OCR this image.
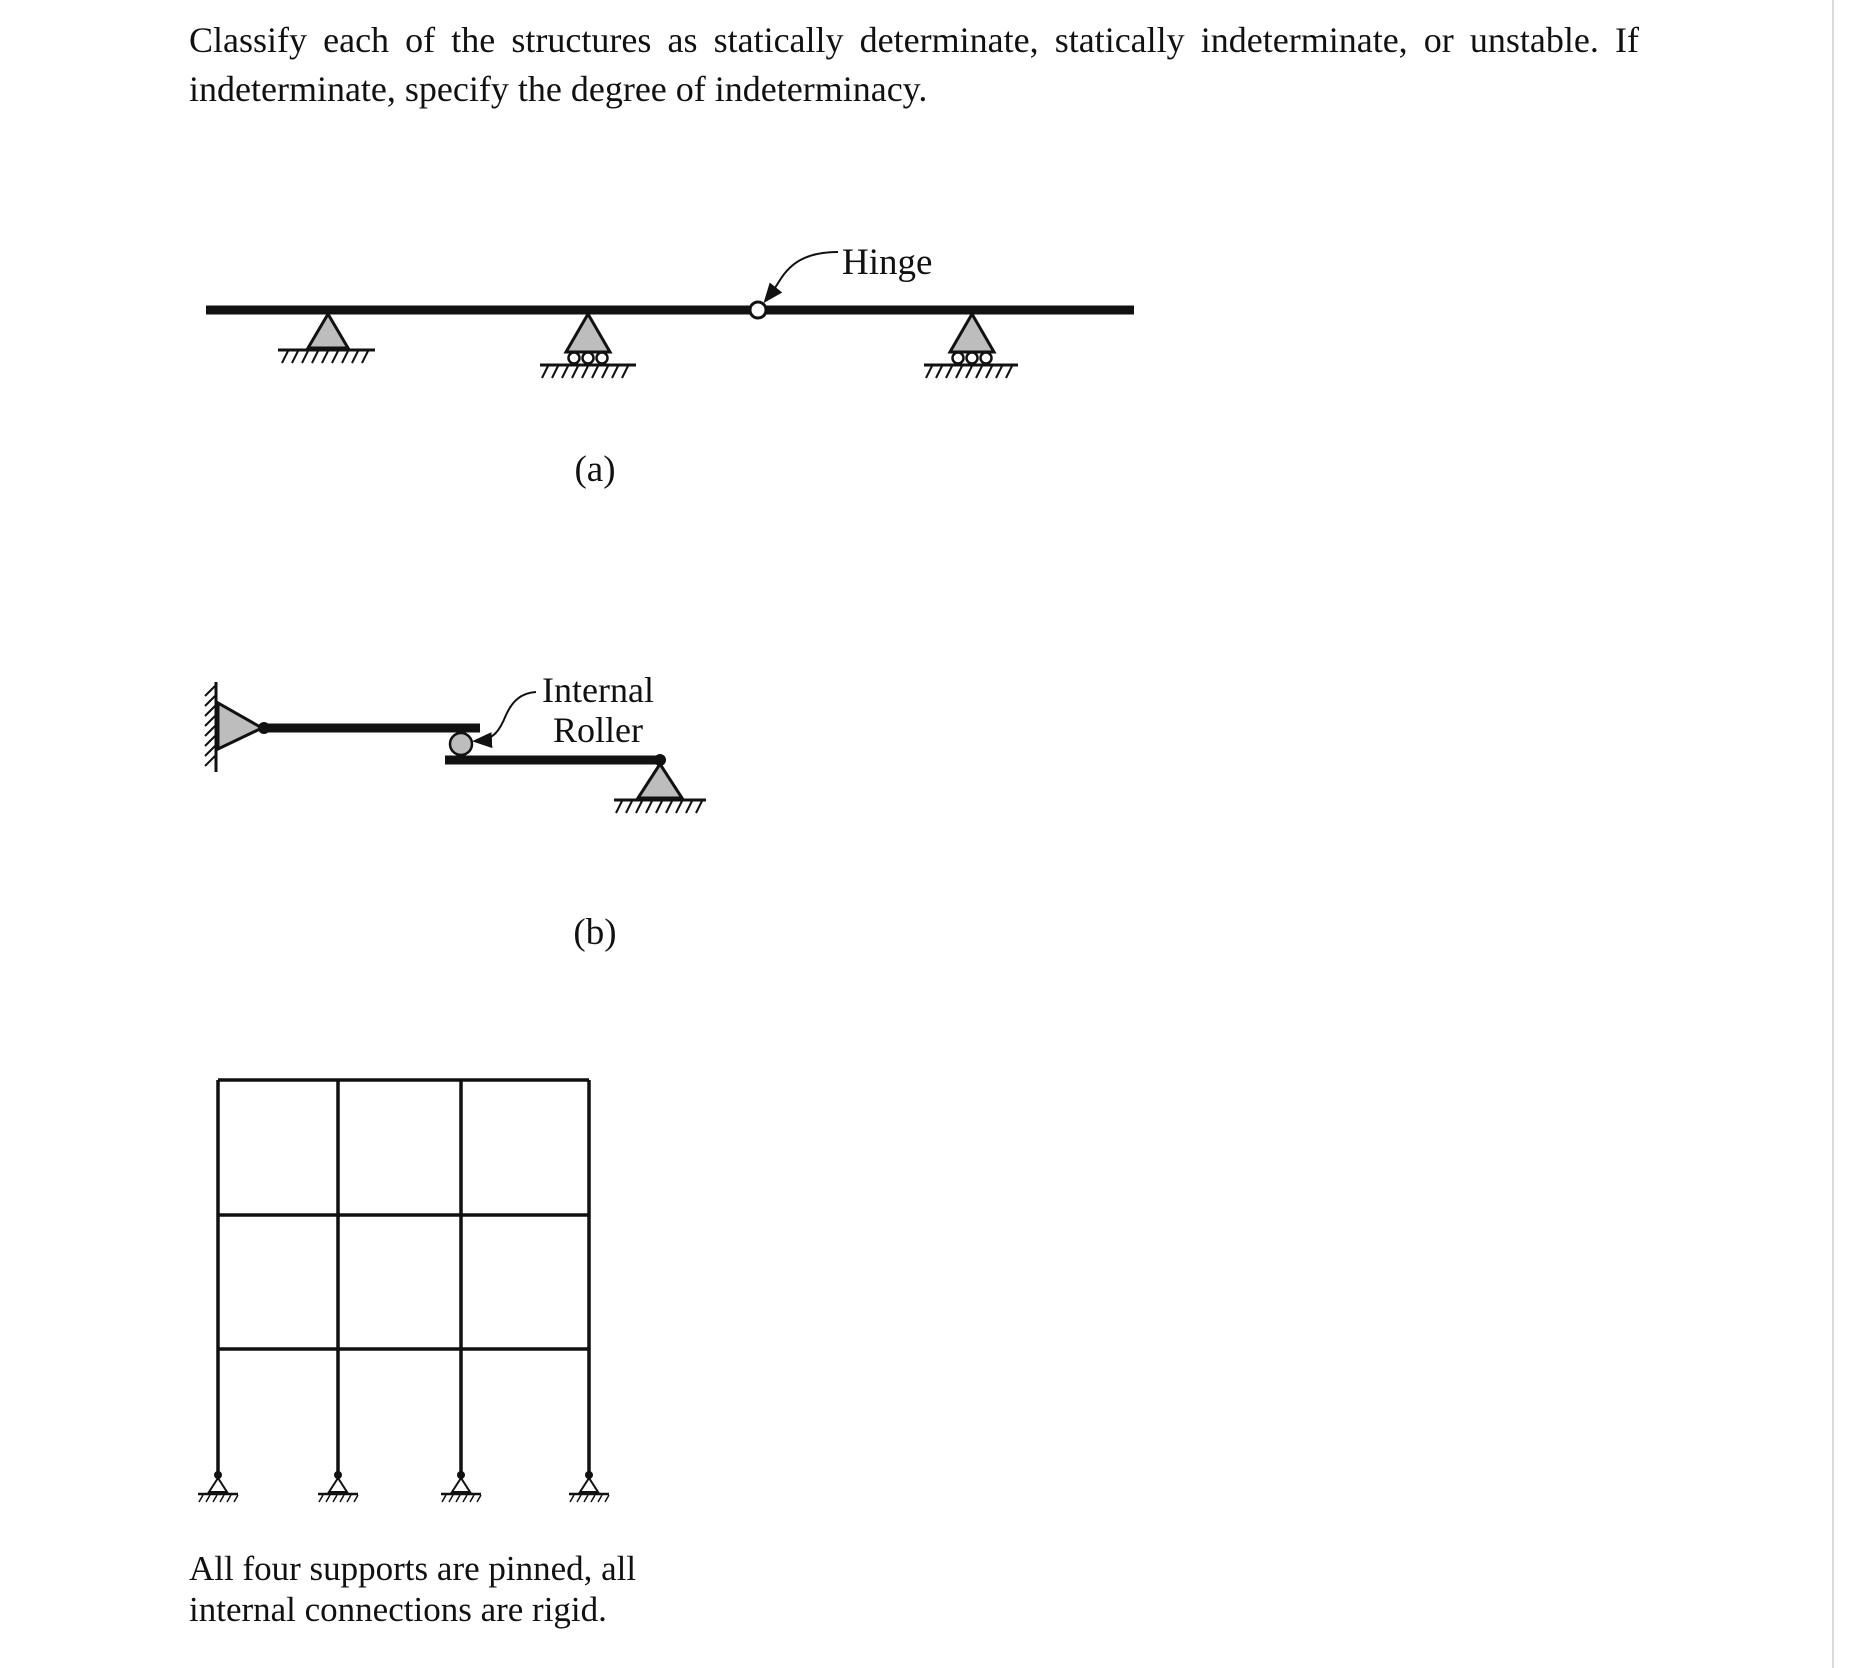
Classify each of the structures as statically determinate, statically indeterminate, or unstable. If indeterminate, specify the degree of indeterminacy.

Hinge
(a)
Internal
Roller
(b)

All four supports are pinned, all
internal connections are rigid.
